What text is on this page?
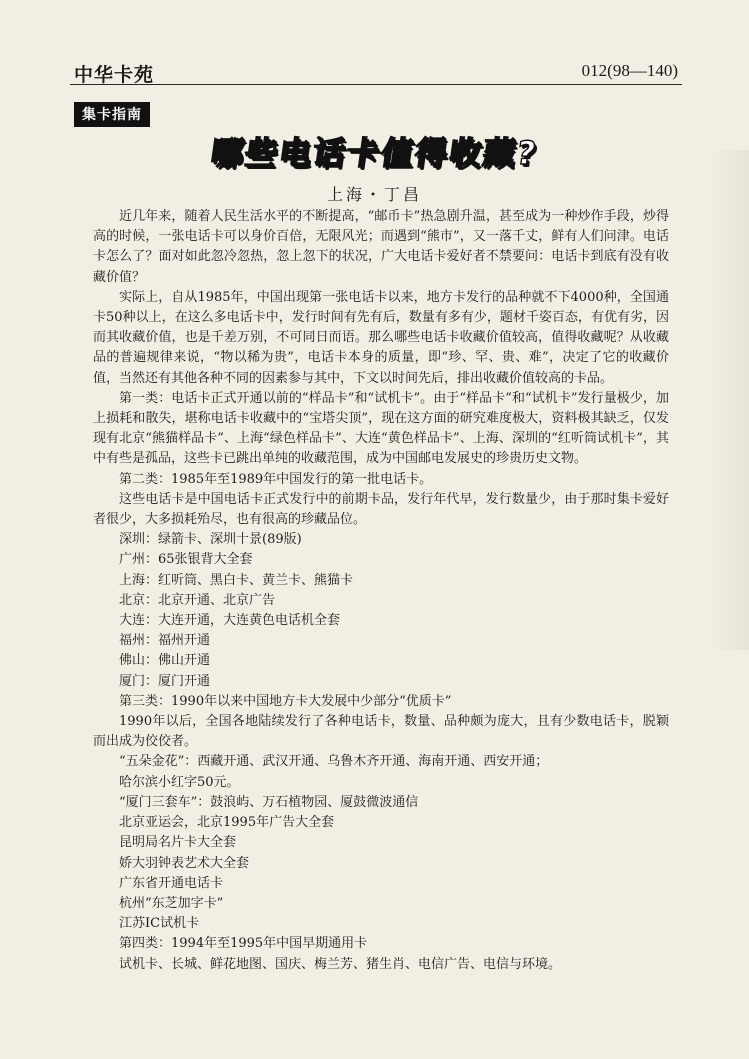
中华卡苑	012(98—140)
集卡指南
哪些电话卡值得收藏?
上海・丁昌

近几年来，随着人民生活水平的不断提高，“邮币卡”热急剧升温，甚至成为一种炒作手段，炒得高的时候，一张电话卡可以身价百倍，无限风光；而遇到“熊市”，又一落千丈，鲜有人们问津。电话卡怎么了？面对如此忽冷忽热，忽上忽下的状况，广大电话卡爱好者不禁要问：电话卡到底有没有收藏价值？

实际上，自从1985年，中国出现第一张电话卡以来，地方卡发行的品种就不下4000种，全国通卡50种以上，在这么多电话卡中，发行时间有先有后，数量有多有少，题材千姿百态，有优有劣，因而其收藏价值，也是千差万别，不可同日而语。那么哪些电话卡收藏价值较高，值得收藏呢？从收藏品的普遍规律来说，“物以稀为贵”，电话卡本身的质量，即“珍、罕、贵、难”，决定了它的收藏价值，当然还有其他各种不同的因素参与其中，下文以时间先后，排出收藏价值较高的卡品。

第一类：电话卡正式开通以前的“样品卡”和“试机卡”。由于“样品卡”和“试机卡”发行量极少，加上损耗和散失，堪称电话卡收藏中的“宝塔尖顶”，现在这方面的研究难度极大，资料极其缺乏，仅发现有北京“熊猫样品卡”、上海“绿色样品卡”、大连“黄色样品卡”、上海、深圳的“红听筒试机卡”，其中有些是孤品，这些卡已跳出单纯的收藏范围，成为中国邮电发展史的珍贵历史文物。

第二类：1985年至1989年中国发行的第一批电话卡。

这些电话卡是中国电话卡正式发行中的前期卡品，发行年代早，发行数量少，由于那时集卡爱好者很少，大多损耗殆尽，也有很高的珍藏品位。

深圳：绿箭卡、深圳十景(89版)

广州：65张银背大全套

上海：红听筒、黑白卡、黄兰卡、熊猫卡

北京：北京开通、北京广告

大连：大连开通，大连黄色电话机全套

福州：福州开通

佛山：佛山开通

厦门：厦门开通

第三类：1990年以来中国地方卡大发展中少部分“优质卡”

1990年以后，全国各地陆续发行了各种电话卡，数量、品种颇为庞大，且有少数电话卡，脱颖而出成为佼佼者。

“五朵金花”：西藏开通、武汉开通、乌鲁木齐开通、海南开通、西安开通；

哈尔滨小红字50元。

“厦门三套车”：鼓浪屿、万石植物园、厦鼓微波通信

北京亚运会，北京1995年广告大全套

昆明局名片卡大全套

娇大羽钟表艺术大全套

广东省开通电话卡

杭州“东芝加字卡”

江苏IC试机卡

第四类：1994年至1995年中国早期通用卡

试机卡、长城、鲜花地图、国庆、梅兰芳、猪生肖、电信广告、电信与环境。
